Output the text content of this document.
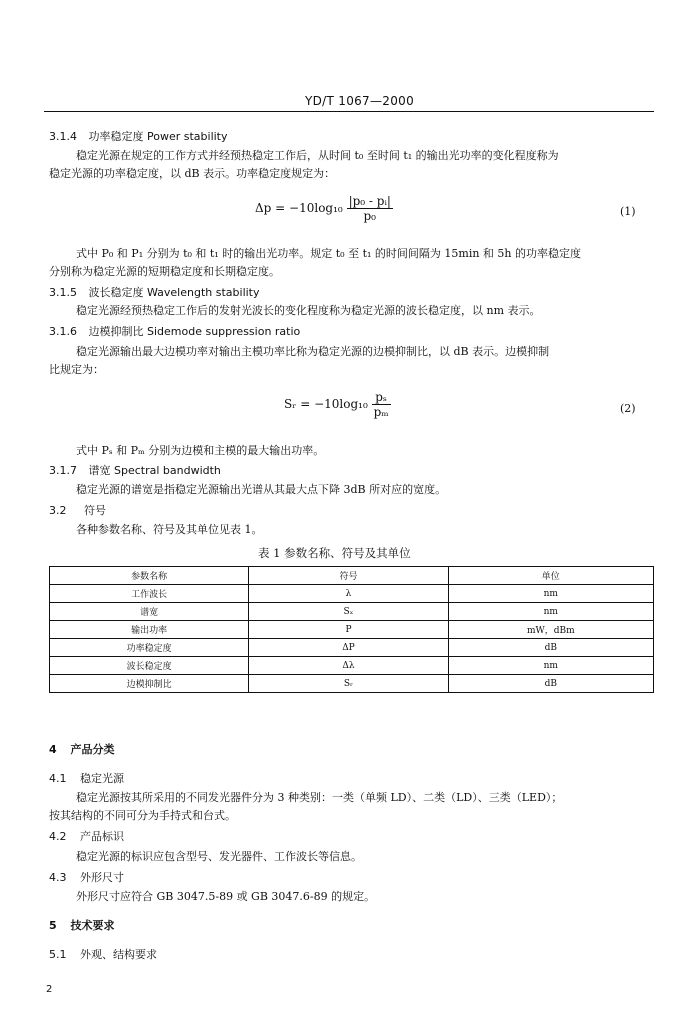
YD/T 1067—2000
3.1.4 功率稳定度 Power stability
稳定光源在规定的工作方式并经预热稳定工作后，从时间 t₀ 至时间 t₁ 的输出光功率的变化程度称为
稳定光源的功率稳定度，以 dB 表示。功率稳定度规定为：
$\Delta p = -10\log_{10} \frac{\text{|p₀ - pᵢ|}}{\text{p₀}}$	(1)
式中 P₀ 和 P₁ 分别为 t₀ 和 t₁ 时的输出光功率。规定 t₀ 至 t₁ 的时间间隔为 15min 和 5h 的功率稳定度
分别称为稳定光源的短期稳定度和长期稳定度。
3.1.5 波长稳定度 Wavelength stability
稳定光源经预热稳定工作后的发射光波长的变化程度称为稳定光源的波长稳定度，以 nm 表示。
3.1.6 边模抑制比 Sidemode suppression ratio
稳定光源输出最大边模功率对输出主模功率比称为稳定光源的边模抑制比，以 dB 表示。边模抑制
比规定为：
Sᵣ = $-10\log_{10} \frac{\text{pₛ}}{\text{pₘ}}$	(2)
式中 Pₛ 和 Pₘ 分别为边模和主模的最大输出功率。
3.1.7 谱宽 Spectral bandwidth
稳定光源的谱宽是指稳定光源输出光谱从其最大点下降 3dB 所对应的宽度。
3.2 符号
各种参数名称、符号及其单位见表 1。
表 1 参数名称、符号及其单位
参数名称	符号	单位
工作波长	λ	nm
谱宽	Sₓ	nm
输出功率	P	mW，dBm
功率稳定度	ΔP	dB
波长稳定度	Δλ	nm
边模抑制比	Sᵣ	dB
4 产品分类
4.1 稳定光源
稳定光源按其所采用的不同发光器件分为 3 种类别：一类（单频 LD）、二类（LD）、三类（LED）；
按其结构的不同可分为手持式和台式。
4.2 产品标识
稳定光源的标识应包含型号、发光器件、工作波长等信息。
4.3 外形尺寸
外形尺寸应符合 GB 3047.5-89 或 GB 3047.6-89 的规定。
5 技术要求
5.1 外观、结构要求
2
